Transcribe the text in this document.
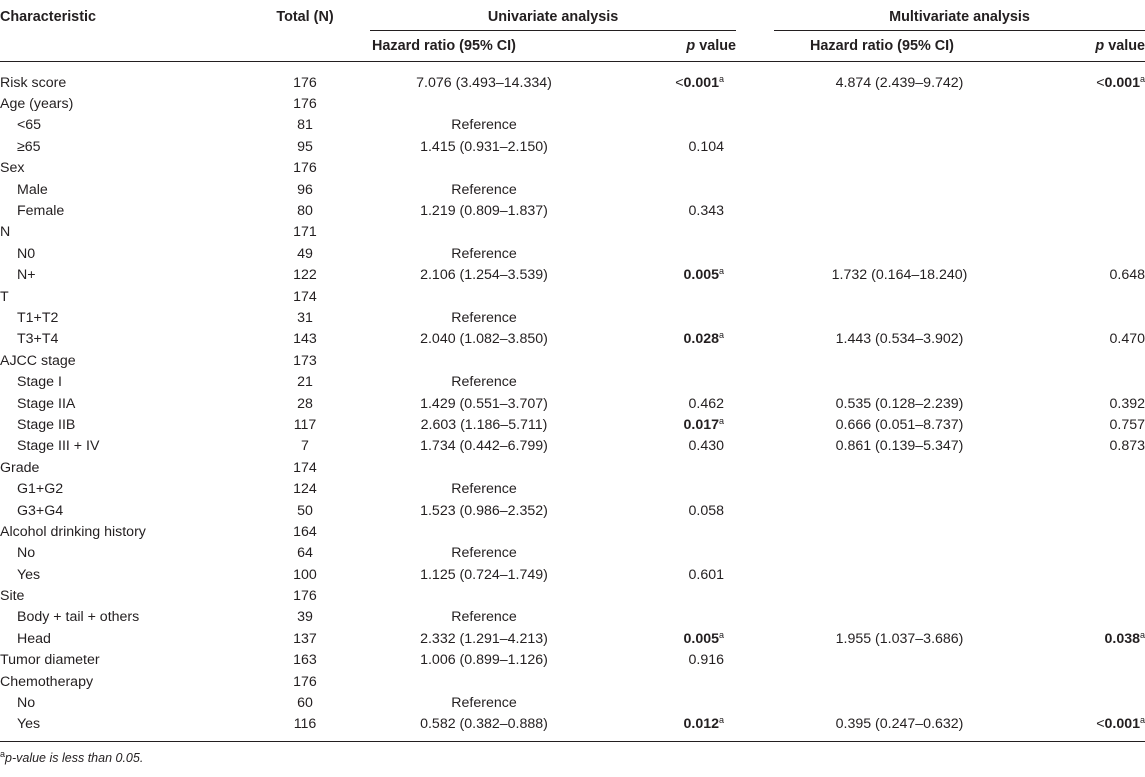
Characteristic	Total (N)	Univariate analysis			Multivariate analysis	
		Hazard ratio (95% CI)	p value		Hazard ratio (95% CI)	p value
Risk score	176	7.076 (3.493–14.334)	<0.001$^a$		4.874 (2.439–9.742)	<0.001$^a$
Age (years)	176					
<65	81	Reference				
≥65	95	1.415 (0.931–2.150)	0.104			
Sex	176					
Male	96	Reference				
Female	80	1.219 (0.809–1.837)	0.343			
N	171					
N0	49	Reference				
N+	122	2.106 (1.254–3.539)	0.005$^a$		1.732 (0.164–18.240)	0.648
T	174					
T1+T2	31	Reference				
T3+T4	143	2.040 (1.082–3.850)	0.028$^a$		1.443 (0.534–3.902)	0.470
AJCC stage	173					
Stage I	21	Reference				
Stage IIA	28	1.429 (0.551–3.707)	0.462		0.535 (0.128–2.239)	0.392
Stage IIB	117	2.603 (1.186–5.711)	0.017$^a$		0.666 (0.051–8.737)	0.757
Stage III + IV	7	1.734 (0.442–6.799)	0.430		0.861 (0.139–5.347)	0.873
Grade	174					
G1+G2	124	Reference				
G3+G4	50	1.523 (0.986–2.352)	0.058			
Alcohol drinking history	164					
No	64	Reference				
Yes	100	1.125 (0.724–1.749)	0.601			
Site	176					
Body + tail + others	39	Reference				
Head	137	2.332 (1.291–4.213)	0.005$^a$		1.955 (1.037–3.686)	0.038$^a$
Tumor diameter	163	1.006 (0.899–1.126)	0.916			
Chemotherapy	176					
No	60	Reference				
Yes	116	0.582 (0.382–0.888)	0.012$^a$		0.395 (0.247–0.632)	<0.001$^a$
$^a$p-value is less than 0.05.
